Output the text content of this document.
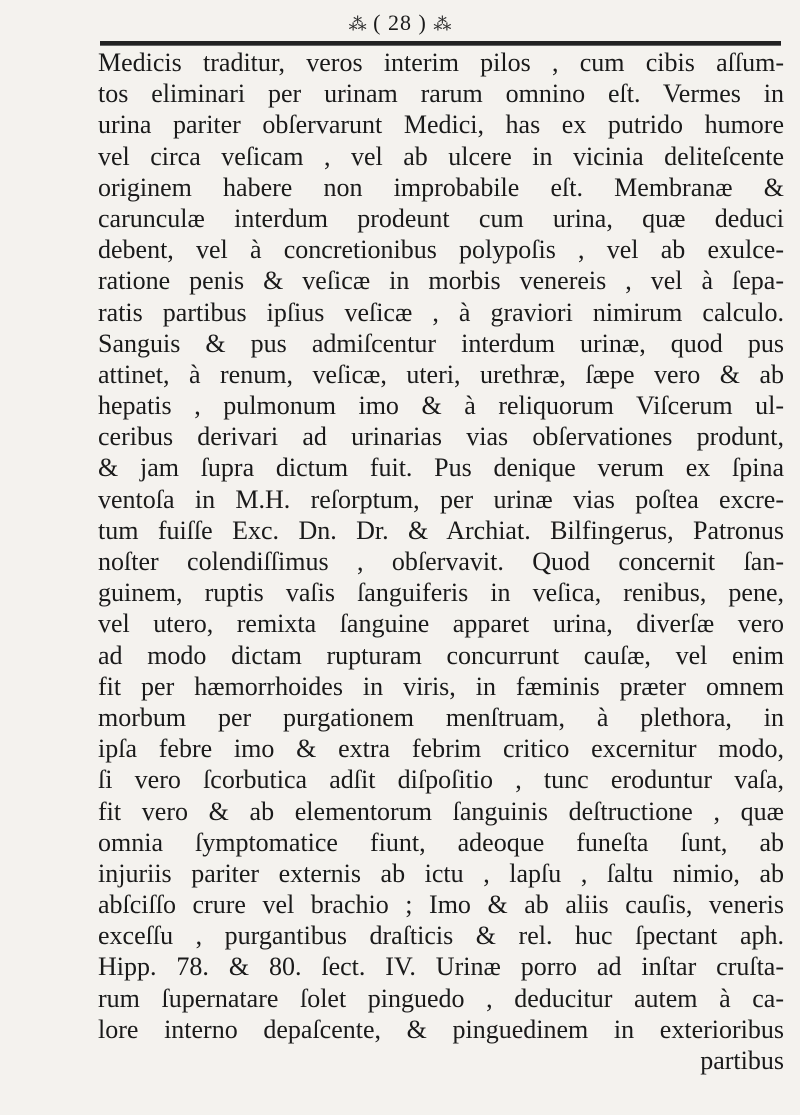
⁂ ( 28 ) ⁂
Medicis traditur, veros interim pilos , cum cibis aſſum-
tos eliminari per urinam rarum omnino eſt. Vermes in
urina pariter obſervarunt Medici, has ex putrido humore
vel circa veſicam , vel ab ulcere in vicinia deliteſcente
originem habere non improbabile eſt. Membranæ &
carunculæ interdum prodeunt cum urina, quæ deduci
debent, vel à concretionibus polypoſis , vel ab exulce-
ratione penis & veſicæ in morbis venereis , vel à ſepa-
ratis partibus ipſius veſicæ , à graviori nimirum calculo.
Sanguis & pus admiſcentur interdum urinæ, quod pus
attinet, à renum, veſicæ, uteri, urethræ, ſæpe vero & ab
hepatis , pulmonum imo & à reliquorum Viſcerum ul-
ceribus derivari ad urinarias vias obſervationes produnt,
& jam ſupra dictum fuit. Pus denique verum ex ſpina
ventoſa in M.H. reſorptum, per urinæ vias poſtea excre-
tum fuiſſe Exc. Dn. Dr. & Archiat. Bilfingerus, Patronus
noſter colendiſſimus , obſervavit. Quod concernit ſan-
guinem, ruptis vaſis ſanguiferis in veſica, renibus, pene,
vel utero, remixta ſanguine apparet urina, diverſæ vero
ad modo dictam rupturam concurrunt cauſæ, vel enim
fit per hæmorrhoides in viris, in fæminis præter omnem
morbum per purgationem menſtruam, à plethora, in
ipſa febre imo & extra febrim critico excernitur modo,
ſi vero ſcorbutica adſit diſpoſitio , tunc eroduntur vaſa,
fit vero & ab elementorum ſanguinis deſtructione , quæ
omnia ſymptomatice fiunt, adeoque funeſta ſunt, ab
injuriis pariter externis ab ictu , lapſu , ſaltu nimio, ab
abſciſſo crure vel brachio ; Imo & ab aliis cauſis, veneris
exceſſu , purgantibus draſticis & rel. huc ſpectant aph.
Hipp. 78. & 80. ſect. IV. Urinæ porro ad inſtar cruſta-
rum ſupernatare ſolet pinguedo , deducitur autem à ca-
lore interno depaſcente, & pinguedinem in exterioribus
partibus
